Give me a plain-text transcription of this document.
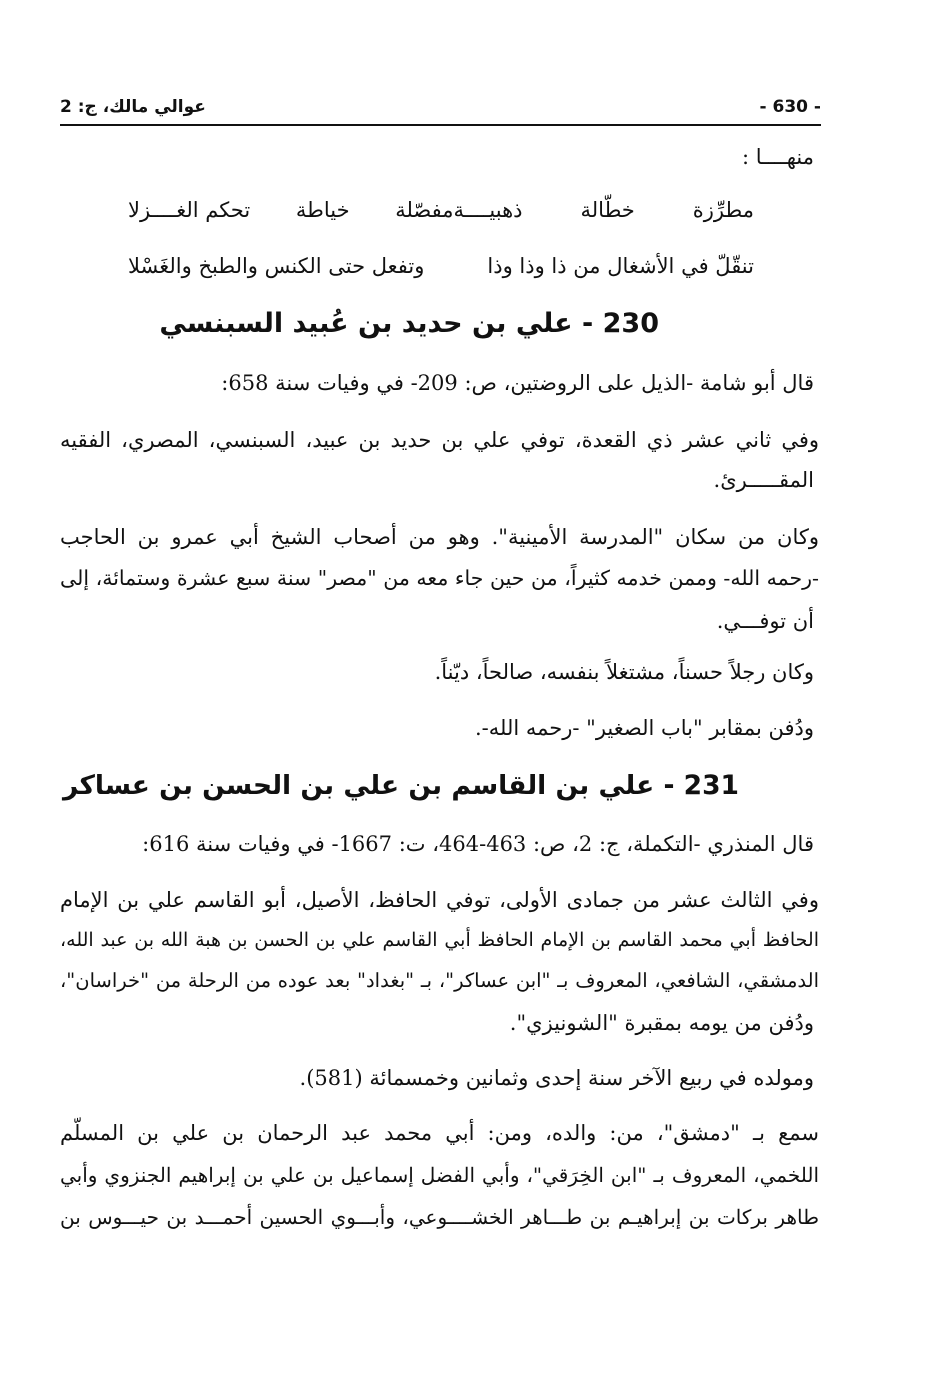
- 630 -
عوالي مالك، ج: 2
منهــــا :
مطرِّزة
خطّالة
ذهبيــــة
مفصّلة
خياطة
تحكم الغــــزلا
تنقّلّ في الأشغال من ذا وذا وذا
وتفعل حتى الكنس والطبخ والغَسْلا
230 - علي بن حديد بن عُبيد السبنسي
قال أبو شامة -الذيل على الروضتين، ص: 209- في وفيات سنة 658:
وفي ثاني عشر ذي القعدة، توفي علي بن حديد بن عبيد، السبنسي، المصري، الفقيه
المقـــــرئ.
وكان من سكان "المدرسة الأمينية". وهو من أصحاب الشيخ أبي عمرو بن الحاجب
-رحمه الله- وممن خدمه كثيراً، من حين جاء معه من "مصر" سنة سبع عشرة وستمائة، إلى
أن توفـــي.
وكان رجلاً حسناً، مشتغلاً بنفسه، صالحاً، ديّناً.
ودُفن بمقابر "باب الصغير" -رحمه الله-.
231 - علي بن القاسم بن علي بن الحسن بن عساكر
قال المنذري -التكملة، ج: 2، ص: 463-464، ت: 1667- في وفيات سنة 616:
وفي الثالث عشر من جمادى الأولى، توفي الحافظ، الأصيل، أبو القاسم علي بن الإمام
الحافظ أبي محمد القاسم بن الإمام الحافظ أبي القاسم علي بن الحسن بن هبة الله بن عبد الله،
الدمشقي، الشافعي، المعروف بـ "ابن عساكر"، بـ "بغداد" بعد عوده من الرحلة من "خراسان"،
ودُفن من يومه بمقبرة "الشونيزي".
ومولده في ربيع الآخر سنة إحدى وثمانين وخمسمائة (581).
سمع بـ "دمشق"، من: والده، ومن: أبي محمد عبد الرحمان بن علي بن المسلّم
اللخمي، المعروف بـ "ابن الخِرَقي"، وأبي الفضل إسماعيل بن علي بن إبراهيم الجنزوي وأبي
طاهر بركات بن إبراهيـم بن طـــاهر الخشــــوعي، وأبـــوي الحسين أحمـــد بن حيـــوس بن
